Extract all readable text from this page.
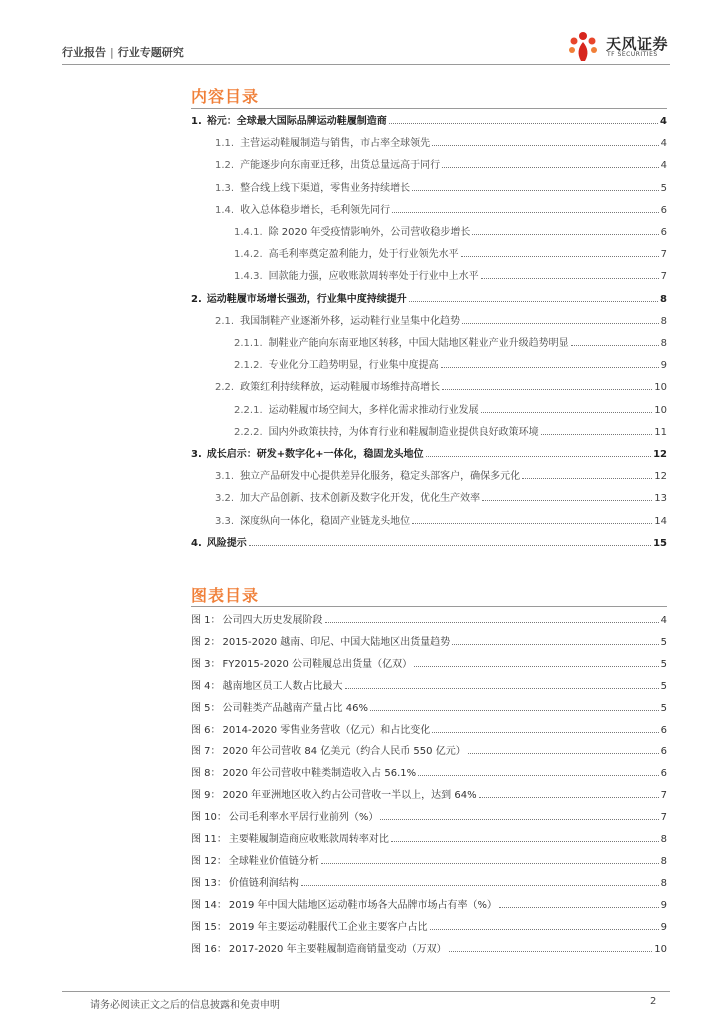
行业报告 | 行业专题研究	天风证券
TF SECURITIES
内容目录
1. 裕元：全球最大国际品牌运动鞋履制造商	4
1.1. 主营运动鞋履制造与销售，市占率全球领先	4
1.2. 产能逐步向东南亚迁移，出货总量远高于同行	4
1.3. 整合线上线下渠道，零售业务持续增长	5
1.4. 收入总体稳步增长，毛利领先同行	6
1.4.1. 除 2020 年受疫情影响外，公司营收稳步增长	6
1.4.2. 高毛利率奠定盈利能力，处于行业领先水平	7
1.4.3. 回款能力强，应收账款周转率处于行业中上水平	7
2. 运动鞋履市场增长强劲，行业集中度持续提升	8
2.1. 我国制鞋产业逐渐外移，运动鞋行业呈集中化趋势	8
2.1.1. 制鞋业产能向东南亚地区转移，中国大陆地区鞋业产业升级趋势明显	8
2.1.2. 专业化分工趋势明显，行业集中度提高	9
2.2. 政策红利持续释放，运动鞋履市场维持高增长	10
2.2.1. 运动鞋履市场空间大，多样化需求推动行业发展	10
2.2.2. 国内外政策扶持，为体育行业和鞋履制造业提供良好政策环境	11
3. 成长启示：研发+数字化+一体化，稳固龙头地位	12
3.1. 独立产品研发中心提供差异化服务，稳定头部客户，确保多元化	12
3.2. 加大产品创新、技术创新及数字化开发，优化生产效率	13
3.3. 深度纵向一体化，稳固产业链龙头地位	14
4. 风险提示	15
图表目录
图 1： 公司四大历史发展阶段	4
图 2： 2015-2020 越南、印尼、中国大陆地区出货量趋势	5
图 3： FY2015-2020 公司鞋履总出货量（亿双）	5
图 4： 越南地区员工人数占比最大	5
图 5： 公司鞋类产品越南产量占比 46%	5
图 6： 2014-2020 零售业务营收（亿元）和占比变化	6
图 7： 2020 年公司营收 84 亿美元（约合人民币 550 亿元）	6
图 8： 2020 年公司营收中鞋类制造收入占 56.1%	6
图 9： 2020 年亚洲地区收入约占公司营收一半以上，达到 64%	7
图 10： 公司毛利率水平居行业前列（%）	7
图 11： 主要鞋履制造商应收账款周转率对比	8
图 12： 全球鞋业价值链分析	8
图 13： 价值链利润结构	8
图 14： 2019 年中国大陆地区运动鞋市场各大品牌市场占有率（%）	9
图 15： 2019 年主要运动鞋服代工企业主要客户占比	9
图 16： 2017-2020 年主要鞋履制造商销量变动（万双）	10
请务必阅读正文之后的信息披露和免责申明	2
